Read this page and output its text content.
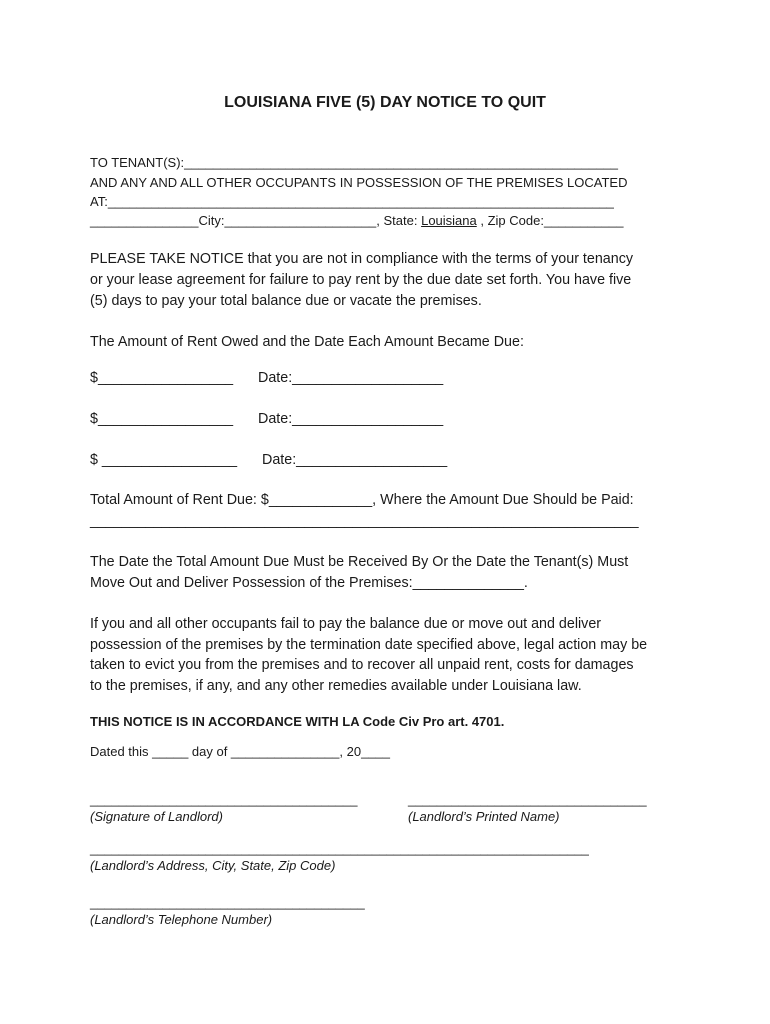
LOUISIANA FIVE (5) DAY NOTICE TO QUIT
TO TENANT(S):____________________________________________________________
AND ANY AND ALL OTHER OCCUPANTS IN POSSESSION OF THE PREMISES LOCATED
AT:______________________________________________________________________
_______________City:_____________________, State: Louisiana , Zip Code:___________
PLEASE TAKE NOTICE that you are not in compliance with the terms of your tenancy
or your lease agreement for failure to pay rent by the due date set forth. You have five
(5) days to pay your total balance due or vacate the premises.
The Amount of Rent Owed and the Date Each Amount Became Due:
$_________________ Date:___________________
$_________________ Date:___________________
$ _________________ Date:___________________
Total Amount of Rent Due: $_____________, Where the Amount Due Should be Paid:
_____________________________________________________________________
The Date the Total Amount Due Must be Received By Or the Date the Tenant(s) Must
Move Out and Deliver Possession of the Premises:______________.
If you and all other occupants fail to pay the balance due or move out and deliver
possession of the premises by the termination date specified above, legal action may be
taken to evict you from the premises and to recover all unpaid rent, costs for damages
to the premises, if any, and any other remedies available under Louisiana law.
THIS NOTICE IS IN ACCORDANCE WITH LA Code Civ Pro art. 4701.
Dated this _____ day of _______________, 20____
_____________________________________	_________________________________
(Signature of Landlord)	(Landlord’s Printed Name)
_____________________________________________________________________
(Landlord’s Address, City, State, Zip Code)
______________________________________
(Landlord’s Telephone Number)
